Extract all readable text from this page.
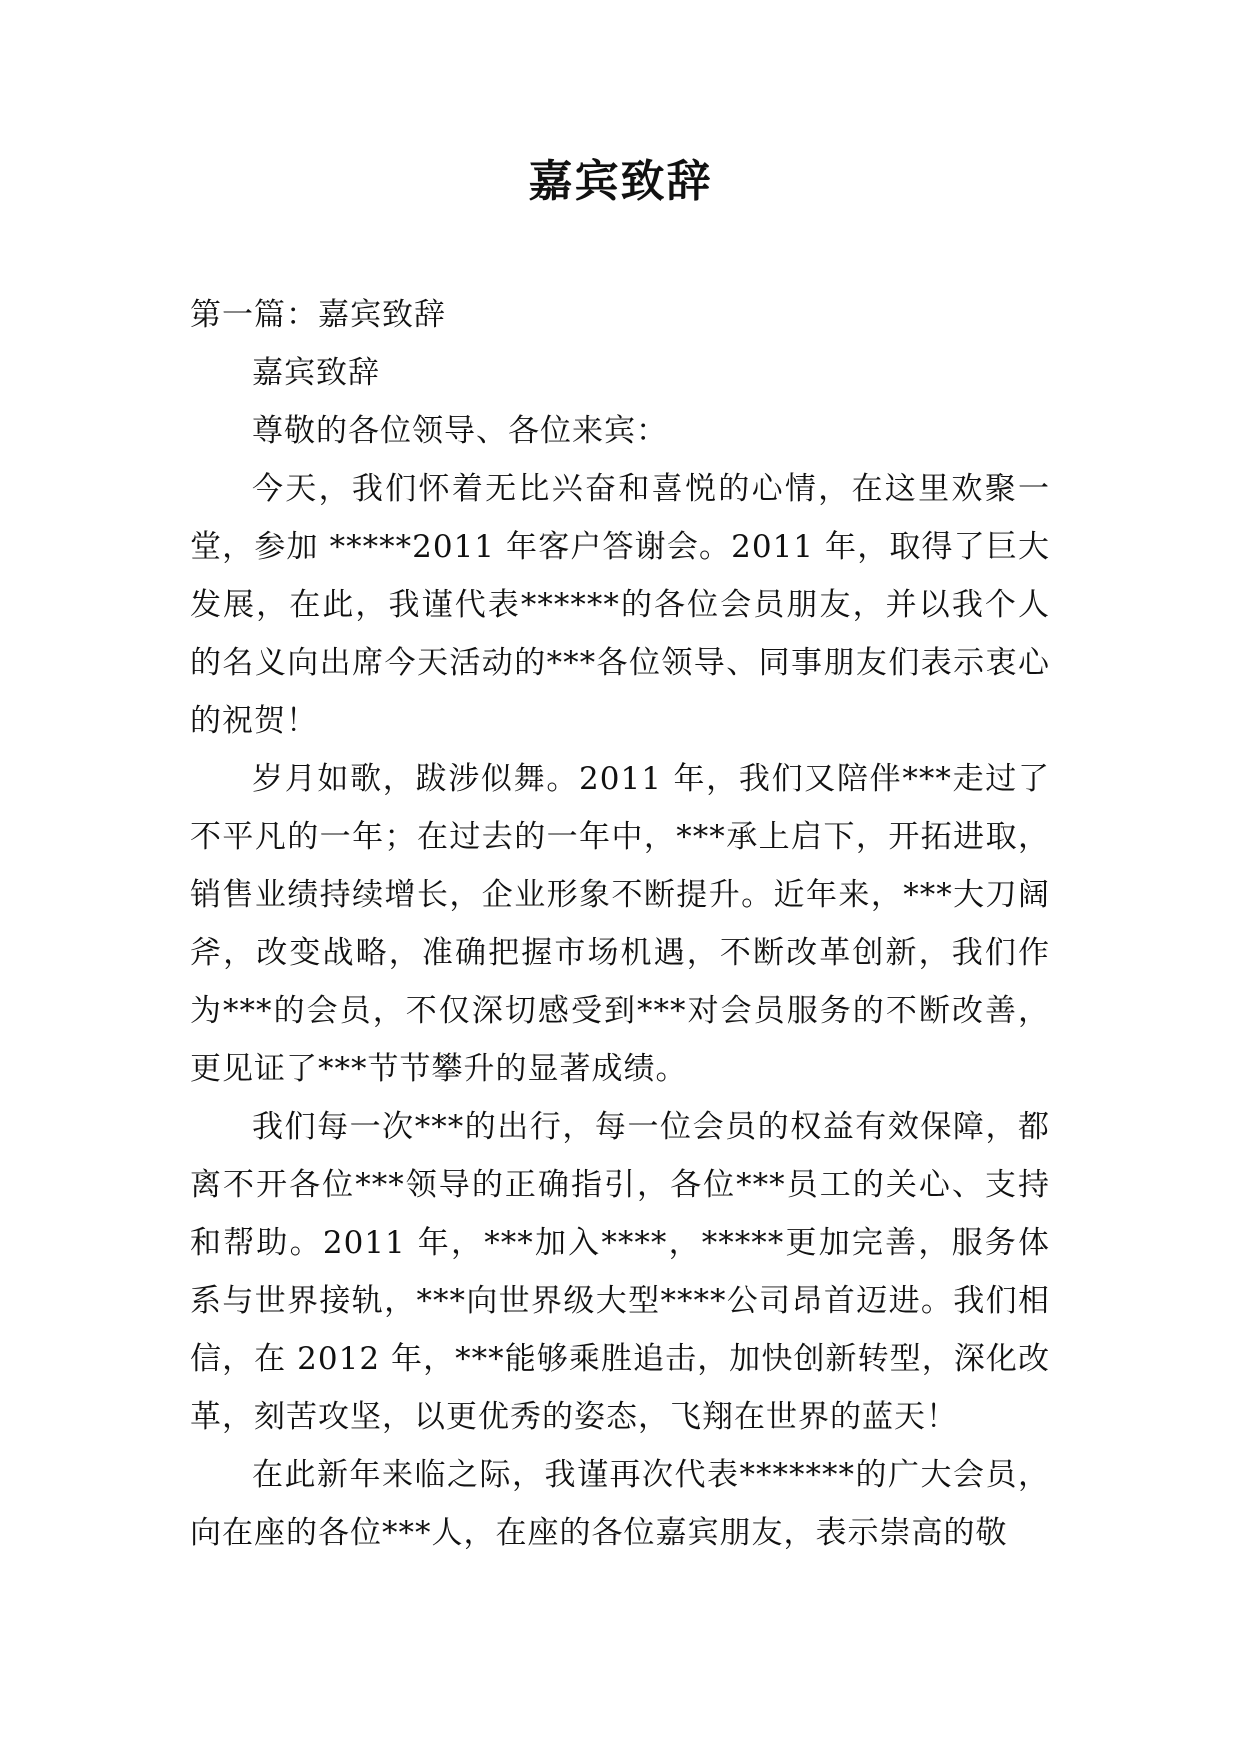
嘉宾致辞

第一篇：嘉宾致辞

嘉宾致辞

尊敬的各位领导、各位来宾：

今天，我们怀着无比兴奋和喜悦的心情，在这里欢聚一堂，参加 *****2011 年客户答谢会。2011 年，取得了巨大发展，在此，我谨代表******的各位会员朋友，并以我个人的名义向出席今天活动的***各位领导、同事朋友们表示衷心的祝贺！

岁月如歌，跋涉似舞。2011 年，我们又陪伴***走过了不平凡的一年；在过去的一年中，***承上启下，开拓进取，销售业绩持续增长，企业形象不断提升。近年来，***大刀阔斧，改变战略，准确把握市场机遇，不断改革创新，我们作为***的会员，不仅深切感受到***对会员服务的不断改善，更见证了***节节攀升的显著成绩。

我们每一次***的出行，每一位会员的权益有效保障，都离不开各位***领导的正确指引，各位***员工的关心、支持和帮助。2011 年，***加入****，*****更加完善，服务体系与世界接轨，***向世界级大型****公司昂首迈进。我们相信，在 2012 年，***能够乘胜追击，加快创新转型，深化改革，刻苦攻坚，以更优秀的姿态，飞翔在世界的蓝天！

在此新年来临之际，我谨再次代表*******的广大会员，向在座的各位***人，在座的各位嘉宾朋友，表示崇高的敬
